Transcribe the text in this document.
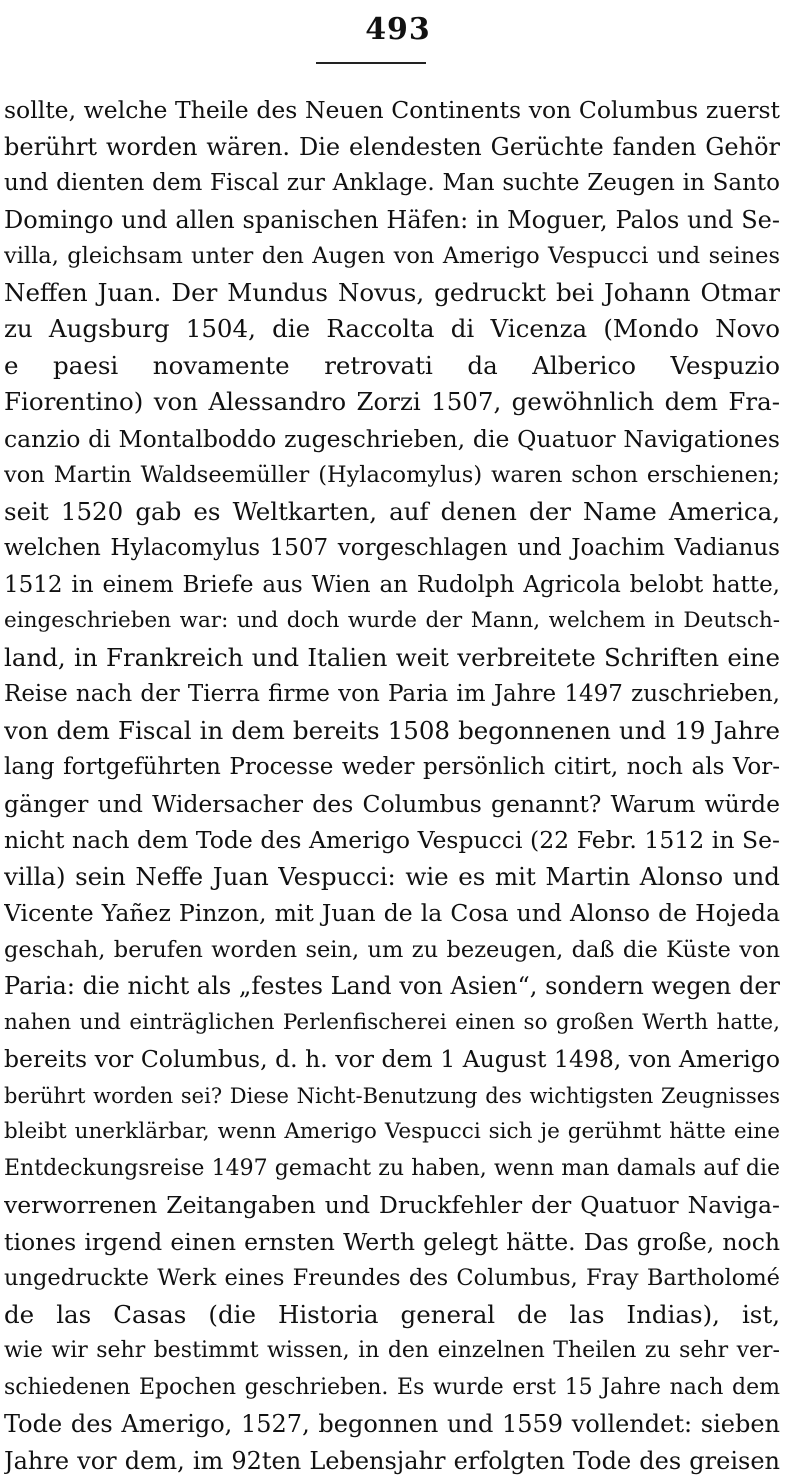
493
sollte, welche Theile des Neuen Continents von Columbus zuerst
berührt worden wären. Die elendesten Gerüchte fanden Gehör
und dienten dem Fiscal zur Anklage. Man suchte Zeugen in Santo
Domingo und allen spanischen Häfen: in Moguer, Palos und Se-
villa, gleichsam unter den Augen von Amerigo Vespucci und seines
Neffen Juan. Der Mundus Novus, gedruckt bei Johann Otmar
zu Augsburg 1504, die Raccolta di Vicenza (Mondo Novo
e paesi novamente retrovati da Alberico Vespuzio
Fiorentino) von Alessandro Zorzi 1507, gewöhnlich dem Fra-
canzio di Montalboddo zugeschrieben, die Quatuor Navigationes
von Martin Waldseemüller (Hylacomylus) waren schon erschienen;
seit 1520 gab es Weltkarten, auf denen der Name America,
welchen Hylacomylus 1507 vorgeschlagen und Joachim Vadianus
1512 in einem Briefe aus Wien an Rudolph Agricola belobt hatte,
eingeschrieben war: und doch wurde der Mann, welchem in Deutsch-
land, in Frankreich und Italien weit verbreitete Schriften eine
Reise nach der Tierra firme von Paria im Jahre 1497 zuschrieben,
von dem Fiscal in dem bereits 1508 begonnenen und 19 Jahre
lang fortgeführten Processe weder persönlich citirt, noch als Vor-
gänger und Widersacher des Columbus genannt? Warum würde
nicht nach dem Tode des Amerigo Vespucci (22 Febr. 1512 in Se-
villa) sein Neffe Juan Vespucci: wie es mit Martin Alonso und
Vicente Yañez Pinzon, mit Juan de la Cosa und Alonso de Hojeda
geschah, berufen worden sein, um zu bezeugen, daß die Küste von
Paria: die nicht als „festes Land von Asien“, sondern wegen der
nahen und einträglichen Perlenfischerei einen so großen Werth hatte,
bereits vor Columbus, d. h. vor dem 1 August 1498, von Amerigo
berührt worden sei? Diese Nicht-Benutzung des wichtigsten Zeugnisses
bleibt unerklärbar, wenn Amerigo Vespucci sich je gerühmt hätte eine
Entdeckungsreise 1497 gemacht zu haben, wenn man damals auf die
verworrenen Zeitangaben und Druckfehler der Quatuor Naviga-
tiones irgend einen ernsten Werth gelegt hätte. Das große, noch
ungedruckte Werk eines Freundes des Columbus, Fray Bartholomé
de las Casas (die Historia general de las Indias), ist,
wie wir sehr bestimmt wissen, in den einzelnen Theilen zu sehr ver-
schiedenen Epochen geschrieben. Es wurde erst 15 Jahre nach dem
Tode des Amerigo, 1527, begonnen und 1559 vollendet: sieben
Jahre vor dem, im 92ten Lebensjahr erfolgten Tode des greisen
